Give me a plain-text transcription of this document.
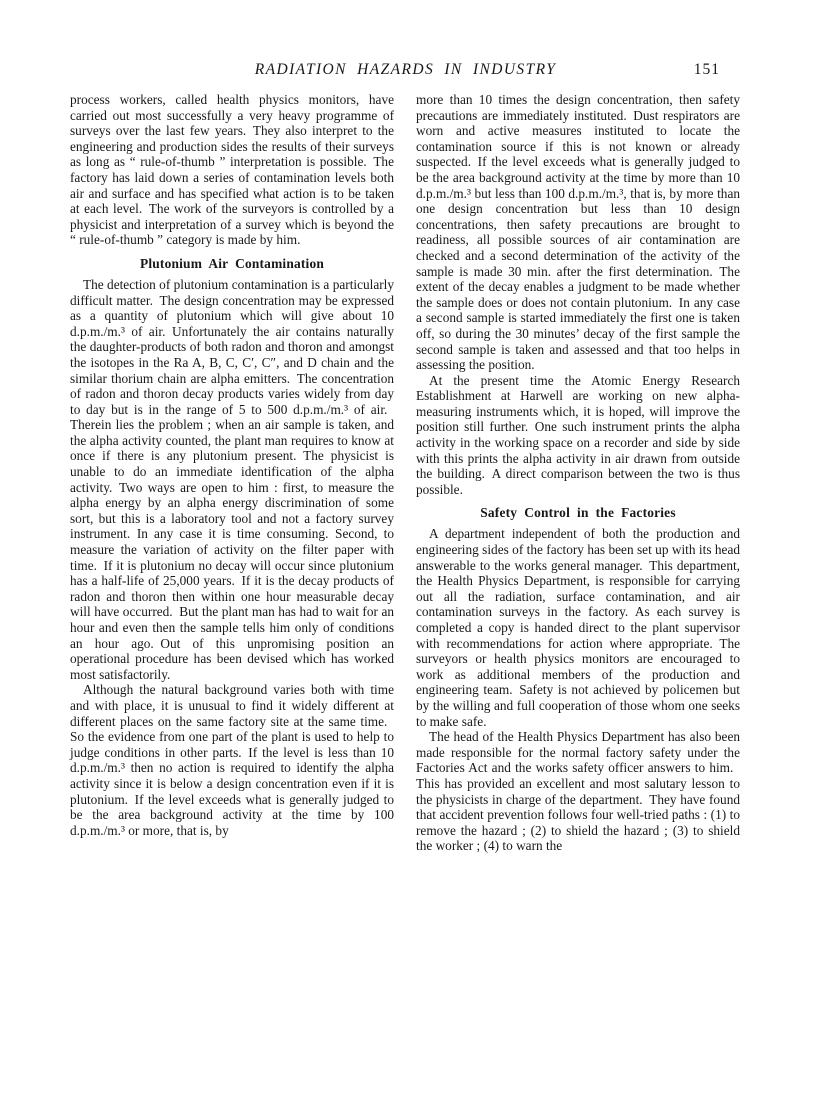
RADIATION HAZARDS IN INDUSTRY	151

process workers, called health physics monitors, have carried out most successfully a very heavy programme of surveys over the last few years. They also interpret to the engineering and production sides the results of their surveys as long as “ rule-of-thumb ” interpretation is possible. The factory has laid down a series of contamination levels both air and surface and has specified what action is to be taken at each level. The work of the surveyors is controlled by a physicist and interpretation of a survey which is beyond the “ rule-of-thumb ” category is made by him.

Plutonium Air Contamination

The detection of plutonium contamination is a particularly difficult matter. The design concentration may be expressed as a quantity of plutonium which will give about 10 d.p.m./m.³ of air. Unfortunately the air contains naturally the daughter-products of both radon and thoron and amongst the isotopes in the Ra A, B, C, C′, C″, and D chain and the similar thorium chain are alpha emitters. The concentration of radon and thoron decay products varies widely from day to day but is in the range of 5 to 500 d.p.m./m.³ of air. Therein lies the problem ; when an air sample is taken, and the alpha activity counted, the plant man requires to know at once if there is any plutonium present. The physicist is unable to do an immediate identification of the alpha activity. Two ways are open to him : first, to measure the alpha energy by an alpha energy discrimination of some sort, but this is a laboratory tool and not a factory survey instrument. In any case it is time consuming. Second, to measure the variation of activity on the filter paper with time. If it is plutonium no decay will occur since plutonium has a half-life of 25,000 years. If it is the decay products of radon and thoron then within one hour measurable decay will have occurred. But the plant man has had to wait for an hour and even then the sample tells him only of conditions an hour ago. Out of this unpromising position an operational procedure has been devised which has worked most satisfactorily.

Although the natural background varies both with time and with place, it is unusual to find it widely different at different places on the same factory site at the same time. So the evidence from one part of the plant is used to help to judge conditions in other parts. If the level is less than 10 d.p.m./m.³ then no action is required to identify the alpha activity since it is below a design concentration even if it is plutonium. If the level exceeds what is generally judged to be the area background activity at the time by 100 d.p.m./m.³ or more, that is, by

more than 10 times the design concentration, then safety precautions are immediately instituted. Dust respirators are worn and active measures instituted to locate the contamination source if this is not known or already suspected. If the level exceeds what is generally judged to be the area background activity at the time by more than 10 d.p.m./m.³ but less than 100 d.p.m./m.³, that is, by more than one design concentration but less than 10 design concentrations, then safety precautions are brought to readiness, all possible sources of air contamination are checked and a second determination of the activity of the sample is made 30 min. after the first determination. The extent of the decay enables a judgment to be made whether the sample does or does not contain plutonium. In any case a second sample is started immediately the first one is taken off, so during the 30 minutes’ decay of the first sample the second sample is taken and assessed and that too helps in assessing the position.

At the present time the Atomic Energy Research Establishment at Harwell are working on new alpha-measuring instruments which, it is hoped, will improve the position still further. One such instrument prints the alpha activity in the working space on a recorder and side by side with this prints the alpha activity in air drawn from outside the building. A direct comparison between the two is thus possible.

Safety Control in the Factories

A department independent of both the production and engineering sides of the factory has been set up with its head answerable to the works general manager. This department, the Health Physics Department, is responsible for carrying out all the radiation, surface contamination, and air contamination surveys in the factory. As each survey is completed a copy is handed direct to the plant supervisor with recommendations for action where appropriate. The surveyors or health physics monitors are encouraged to work as additional members of the production and engineering team. Safety is not achieved by policemen but by the willing and full cooperation of those whom one seeks to make safe.

The head of the Health Physics Department has also been made responsible for the normal factory safety under the Factories Act and the works safety officer answers to him. This has provided an excellent and most salutary lesson to the physicists in charge of the department. They have found that accident prevention follows four well-tried paths : (1) to remove the hazard ; (2) to shield the hazard ; (3) to shield the worker ; (4) to warn the
